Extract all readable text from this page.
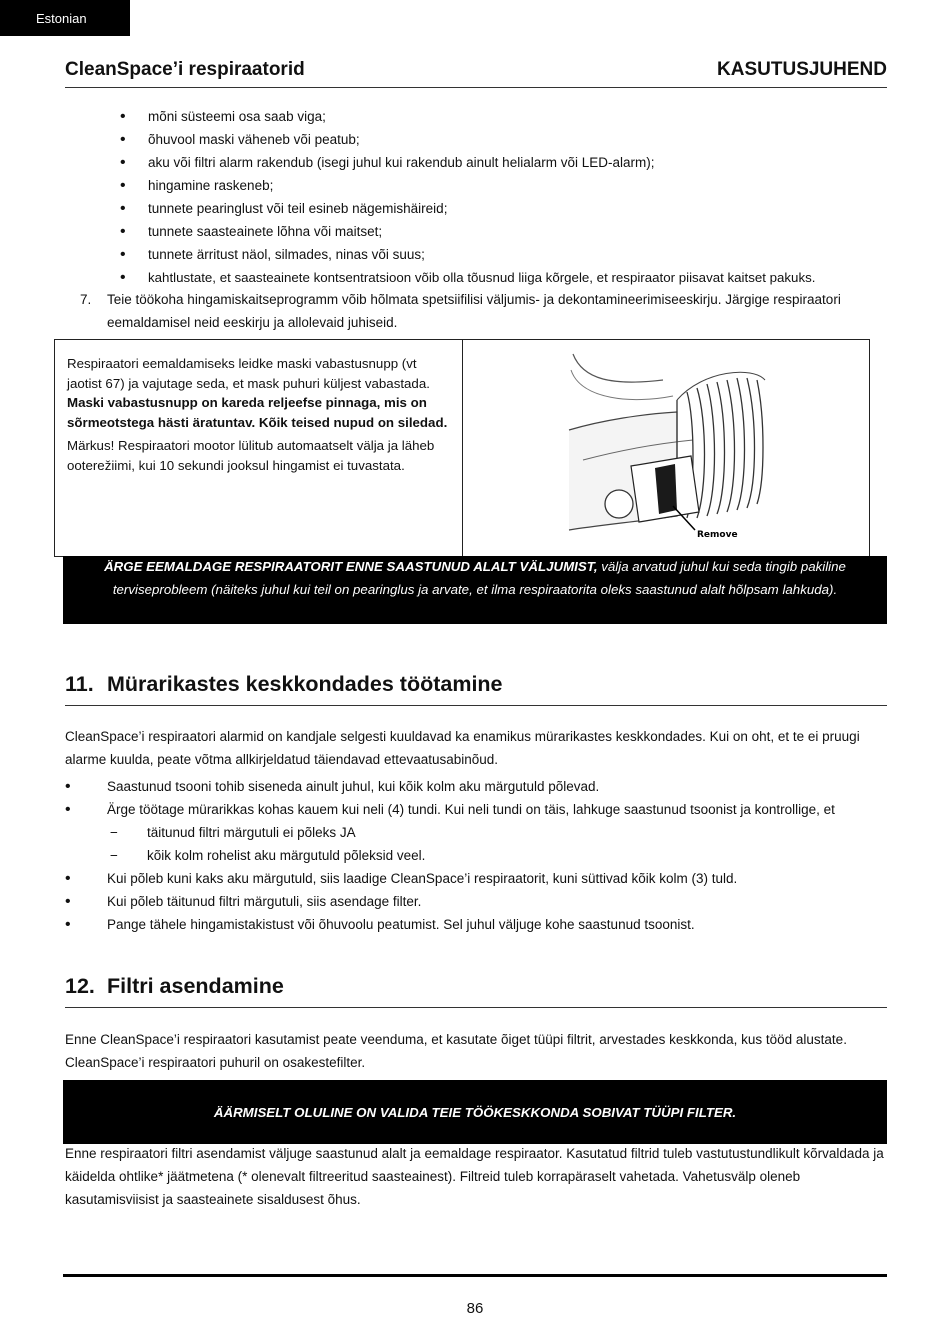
Estonian
CleanSpace’i respiraatorid	KASUTUSJUHEND
• mõni süsteemi osa saab viga;
• õhuvool maski väheneb või peatub;
• aku või filtri alarm rakendub (isegi juhul kui rakendub ainult helialarm või LED-alarm);
• hingamine raskeneb;
• tunnete pearinglust või teil esineb nägemishäireid;
• tunnete saasteainete lõhna või maitset;
• tunnete ärritust näol, silmades, ninas või suus;
• kahtlustate, et saasteainete kontsentratsioon võib olla tõusnud liiga kõrgele, et respiraator piisavat kaitset pakuks.
7. Teie töökoha hingamiskaitseprogramm võib hõlmata spetsiifilisi väljumis- ja dekontamineerimiseeskirju. Järgige respiraatori eemaldamisel neid eeskirju ja allolevaid juhiseid.

Respiraatori eemaldamiseks leidke maski vabastusnupp (vt jaotist 67) ja vajutage seda, et mask puhuri küljest vabastada. Maski vabastusnupp on kareda reljeefse pinnaga, mis on sõrmeotstega hästi äratuntav. Kõik teised nupud on siledad.

Märkus! Respiraatori mootor lülitub automaatselt välja ja läheb ooterežiimi, kui 10 sekundi jooksul hingamist ei tuvastata.

Remove
ÄRGE EEMALDAGE RESPIRAATORIT ENNE SAASTUNUD ALALT VÄLJUMIST, välja arvatud juhul kui seda tingib pakiline terviseprobleem (näiteks juhul kui teil on pearinglus ja arvate, et ilma respiraatorita oleks saastunud alalt hõlpsam lahkuda).
11. Mürarikastes keskkondades töötamine
CleanSpace’i respiraatori alarmid on kandjale selgesti kuuldavad ka enamikus mürarikastes keskkondades. Kui on oht, et te ei pruugi alarme kuulda, peate võtma allkirjeldatud täiendavad ettevaatusabinõud.
• Saastunud tsooni tohib siseneda ainult juhul, kui kõik kolm aku märgutuld põlevad.
• Ärge töötage mürarikkas kohas kauem kui neli (4) tundi. Kui neli tundi on täis, lahkuge saastunud tsoonist ja kontrollige, et
− täitunud filtri märgutuli ei põleks JA
− kõik kolm rohelist aku märgutuld põleksid veel.
• Kui põleb kuni kaks aku märgutuld, siis laadige CleanSpace’i respiraatorit, kuni süttivad kõik kolm (3) tuld.
• Kui põleb täitunud filtri märgutuli, siis asendage filter.
• Pange tähele hingamistakistust või õhuvoolu peatumist. Sel juhul väljuge kohe saastunud tsoonist.
12. Filtri asendamine
Enne CleanSpace’i respiraatori kasutamist peate veenduma, et kasutate õiget tüüpi filtrit, arvestades keskkonda, kus tööd alustate. CleanSpace’i respiraatori puhuril on osakestefilter.
ÄÄRMISELT OLULINE ON VALIDA TEIE TÖÖKESKKONDA SOBIVAT TÜÜPI FILTER.
Enne respiraatori filtri asendamist väljuge saastunud alalt ja eemaldage respiraator. Kasutatud filtrid tuleb vastutustundlikult kõrvaldada ja käidelda ohtlike* jäätmetena (* olenevalt filtreeritud saasteainest). Filtreid tuleb korrapäraselt vahetada. Vahetusvälp oleneb kasutamisviisist ja saasteainete sisaldusest õhus.
86
